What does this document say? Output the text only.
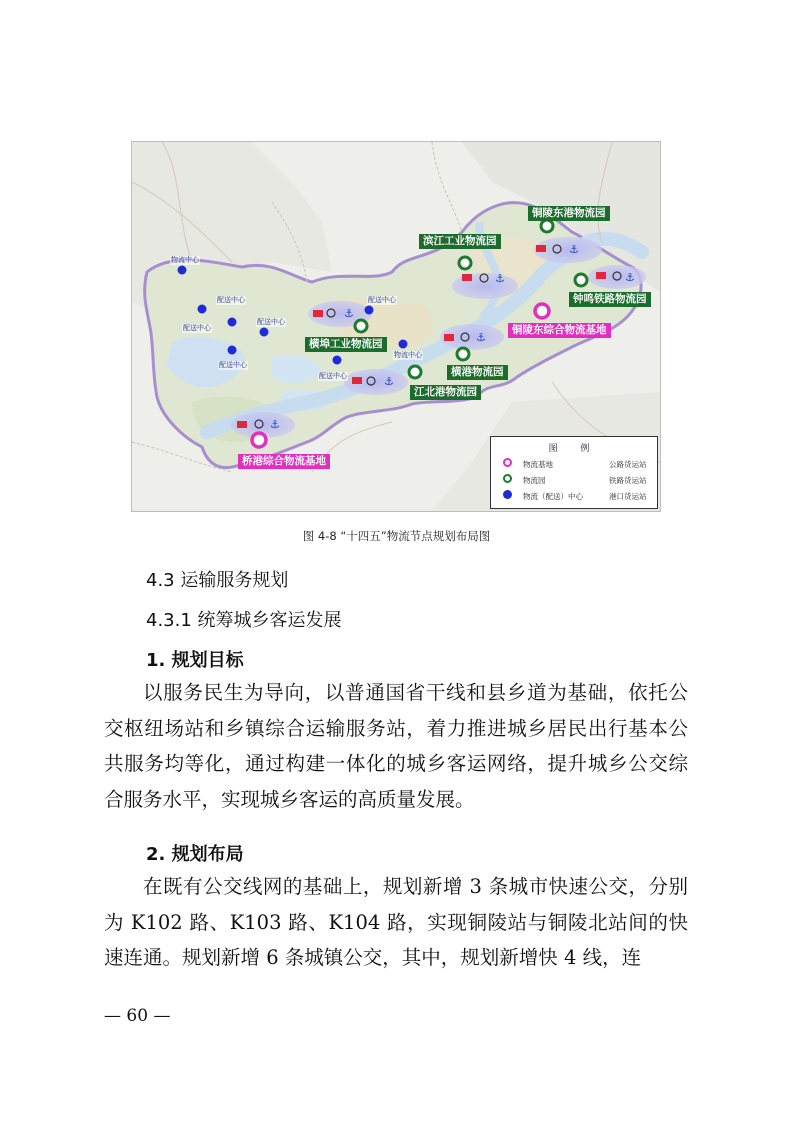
⚓
⚓
⚓
⚓
⚓
⚓
⚓
物流中心
配送中心
配送中心
配送中心
配送中心
配送中心
配送中心
物流中心
铜陵东港物流园
滨江工业物流园
钟鸣铁路物流园
横埠工业物流园
横港物流园
江北港物流园
铜陵东综合物流基地
桥港综合物流基地
图 例
物流基地	公路货运站
物流园	铁路货运站
物流（配送）中心	港口货运站
图 4-8 “十四五”物流节点规划布局图
4.3 运输服务规划
4.3.1 统筹城乡客运发展
1. 规划目标
以服务民生为导向，以普通国省干线和县乡道为基础，依托公交枢纽场站和乡镇综合运输服务站，着力推进城乡居民出行基本公共服务均等化，通过构建一体化的城乡客运网络，提升城乡公交综合服务水平，实现城乡客运的高质量发展。
2. 规划布局
在既有公交线网的基础上，规划新增 3 条城市快速公交，分别为 K102 路、K103 路、K104 路，实现铜陵站与铜陵北站间的快速连通。规划新增 6 条城镇公交，其中，规划新增快 4 线，连
— 60 —
